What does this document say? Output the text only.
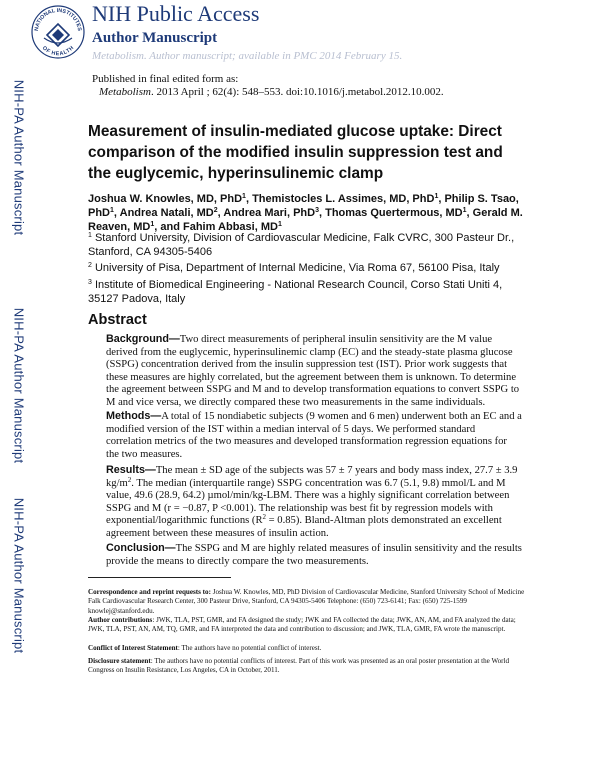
NATIONAL INSTITUTES
OF HEALTH
NIH Public Access
Author Manuscript
Metabolism. Author manuscript; available in PMC 2014 February 15.
Published in final edited form as:
Metabolism. 2013 April ; 62(4): 548–553. doi:10.1016/j.metabol.2012.10.002.
NIH-PA Author Manuscript
NIH-PA Author Manuscript
NIH-PA Author Manuscript
Measurement of insulin-mediated glucose uptake: Direct comparison of the modified insulin suppression test and the euglycemic, hyperinsulinemic clamp
Joshua W. Knowles, MD, PhD$^1$, Themistocles L. Assimes, MD, PhD$^1$, Philip S. Tsao, PhD$^1$, Andrea Natali, $MD^2$, Andrea Mari, PhD$^3$, Thomas Quertermous, $MD^1$, Gerald M. Reaven, $MD^1$, and Fahim Abbasi, $MD^1$
$^1$ Stanford University, Division of Cardiovascular Medicine, Falk CVRC, 300 Pasteur Dr., Stanford, CA 94305-5406
$^2$ University of Pisa, Department of Internal Medicine, Via Roma 67, 56100 Pisa, Italy
$^3$ Institute of Biomedical Engineering - National Research Council, Corso Stati Uniti 4, 35127 Padova, Italy
Abstract
Background—Two direct measurements of peripheral insulin sensitivity are the M value derived from the euglycemic, hyperinsulinemic clamp (EC) and the steady-state plasma glucose (SSPG) concentration derived from the insulin suppression test (IST). Prior work suggests that these measures are highly correlated, but the agreement between them is unknown. To determine the agreement between SSPG and M and to develop transformation equations to convert SSPG to M and vice versa, we directly compared these two measurements in the same individuals.
Methods—A total of 15 nondiabetic subjects (9 women and 6 men) underwent both an EC and a modified version of the IST within a median interval of 5 days. We performed standard correlation metrics of the two measures and developed transformation regression equations for the two measures.
Results—The mean ± SD age of the subjects was 57 ± 7 years and body mass index, 27.7 ± 3.9 $kg/m^2$. The median (interquartile range) SSPG concentration was 6.7 (5.1, 9.8) mmol/L and M value, 49.6 (28.9, 64.2) µmol/min/kg-LBM. There was a highly significant correlation between SSPG and M (r = −0.87, P <0.001). The relationship was best fit by regression models with exponential/logarithmic functions $(R^2 = 0.85)$. Bland-Altman plots demonstrated an excellent agreement between these measures of insulin action.
Conclusion—The SSPG and M are highly related measures of insulin sensitivity and the results provide the means to directly compare the two measurements.
Correspondence and reprint requests to: Joshua W. Knowles, MD, PhD Division of Cardiovascular Medicine, Stanford University School of Medicine Falk Cardiovascular Research Center, 300 Pasteur Drive, Stanford, CA 94305-5406 Telephone: (650) 723-6141; Fax: (650) 725-1599 knowlej@stanford.edu.
Author contributions: JWK, TLA, PST, GMR, and FA designed the study; JWK and FA collected the data; JWK, AN, AM, and FA analyzed the data; JWK, TLA, PST, AN, AM, TQ, GMR, and FA interpreted the data and contribution to discussion; and JWK, TLA, GMR, FA wrote the manuscript.
Conflict of Interest Statement: The authors have no potential conflict of interest.
Disclosure statement: The authors have no potential conflicts of interest. Part of this work was presented as an oral poster presentation at the World Congress on Insulin Resistance, Los Angeles, CA in October, 2011.
